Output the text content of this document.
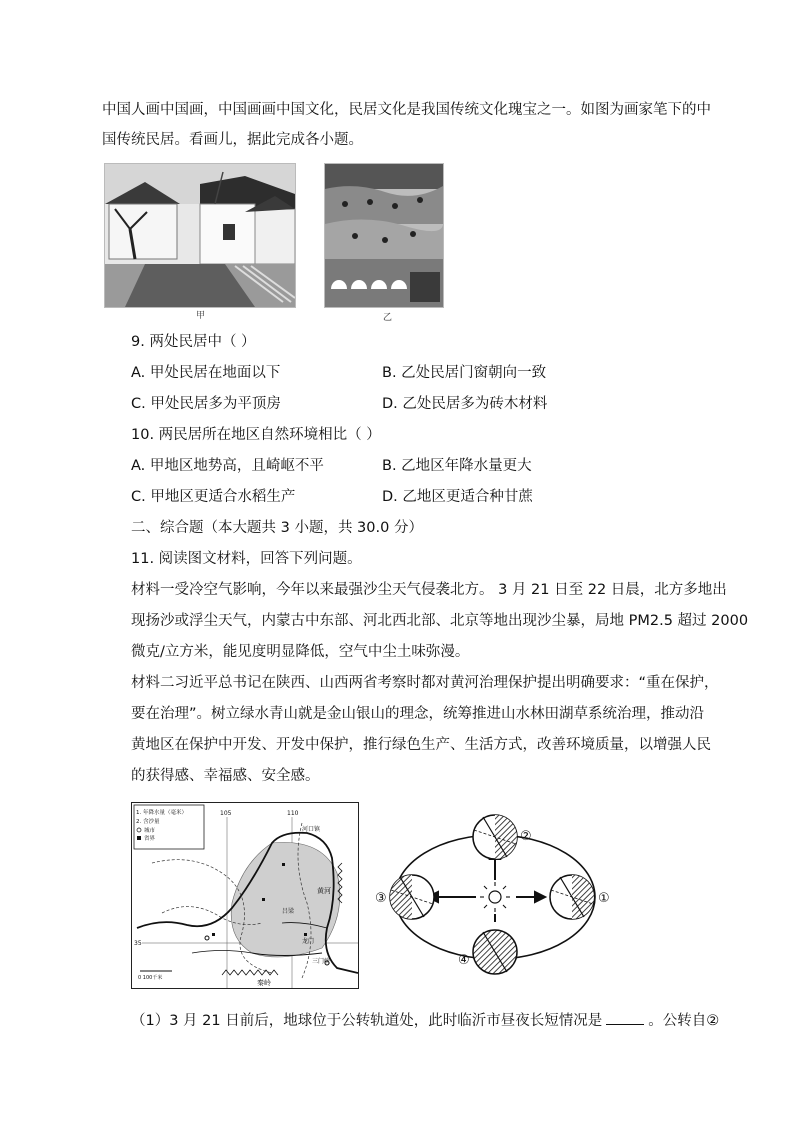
中国人画中国画，中国画画中国文化，民居文化是我国传统文化瑰宝之一。如图为画家笔下的中
国传统民居。看画儿，据此完成各小题。
甲	乙
9. 两处民居中（ ）
A. 甲处民居在地面以下	B. 乙处民居门窗朝向一致
C. 甲处民居多为平顶房	D. 乙处民居多为砖木材料
10. 两民居所在地区自然环境相比（ ）
A. 甲地区地势高，且崎岖不平	B. 乙地区年降水量更大
C. 甲地区更适合水稻生产	D. 乙地区更适合种甘蔗
二、综合题（本大题共 3 小题，共 30.0 分）
11. 阅读图文材料，回答下列问题。
材料一受冷空气影响，今年以来最强沙尘天气侵袭北方。 3 月 21 日至 22 日晨，北方多地出
现扬沙或浮尘天气，内蒙古中东部、河北西北部、北京等地出现沙尘暴，局地 PM2.5 超过 2000
微克/立方米，能见度明显降低，空气中尘土味弥漫。
材料二习近平总书记在陕西、山西两省考察时都对黄河治理保护提出明确要求：“重在保护，
要在治理”。树立绿水青山就是金山银山的理念，统筹推进山水林田湖草系统治理，推动沿
黄地区在保护中开发、开发中保护，推行绿色生产、生活方式，改善环境质量，以增强人民
的获得感、幸福感、安全感。
1. 年降水量（毫米）
2. 含沙量
城市
省界
105	110
35
河口镇
黄河
吕梁
龙门
三门峡
秦岭
0 100千米
②
③	①
④
（1）3 月 21 日前后，地球位于公转轨道处，此时临沂市昼夜长短情况是	。公转自②
